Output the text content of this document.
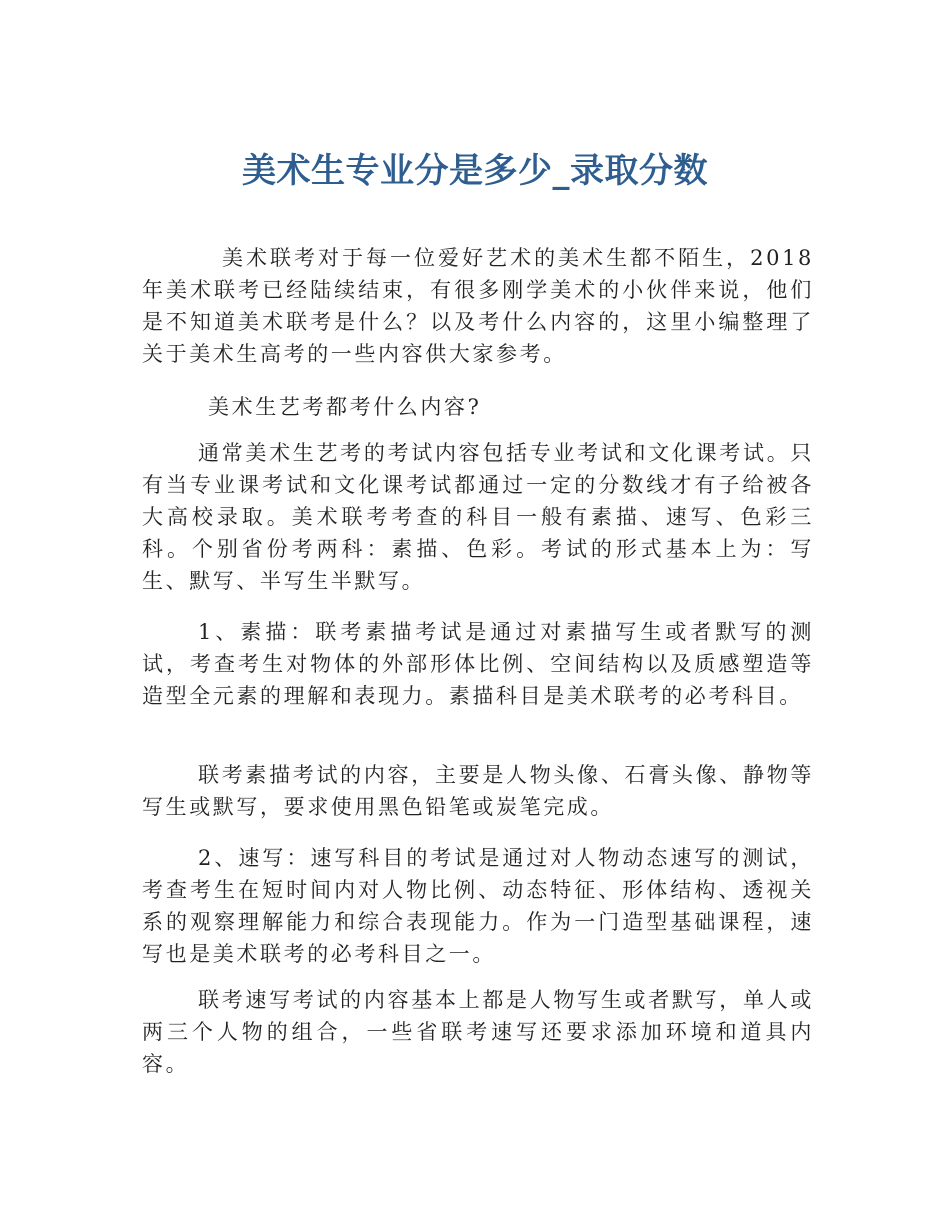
美术生专业分是多少_录取分数

美术联考对于每一位爱好艺术的美术生都不陌生，2018年美术联考已经陆续结束，有很多刚学美术的小伙伴来说，他们是不知道美术联考是什么？以及考什么内容的，这里小编整理了关于美术生高考的一些内容供大家参考。

美术生艺考都考什么内容?

通常美术生艺考的考试内容包括专业考试和文化课考试。只有当专业课考试和文化课考试都通过一定的分数线才有子给被各大高校录取。美术联考考查的科目一般有素描、速写、色彩三科。个别省份考两科：素描、色彩。考试的形式基本上为：写生、默写、半写生半默写。

1、素描：联考素描考试是通过对素描写生或者默写的测试，考查考生对物体的外部形体比例、空间结构以及质感塑造等造型全元素的理解和表现力。素描科目是美术联考的必考科目。

联考素描考试的内容，主要是人物头像、石膏头像、静物等写生或默写，要求使用黑色铅笔或炭笔完成。

2、速写：速写科目的考试是通过对人物动态速写的测试，考查考生在短时间内对人物比例、动态特征、形体结构、透视关系的观察理解能力和综合表现能力。作为一门造型基础课程，速写也是美术联考的必考科目之一。

联考速写考试的内容基本上都是人物写生或者默写，单人或两三个人物的组合，一些省联考速写还要求添加环境和道具内容。
